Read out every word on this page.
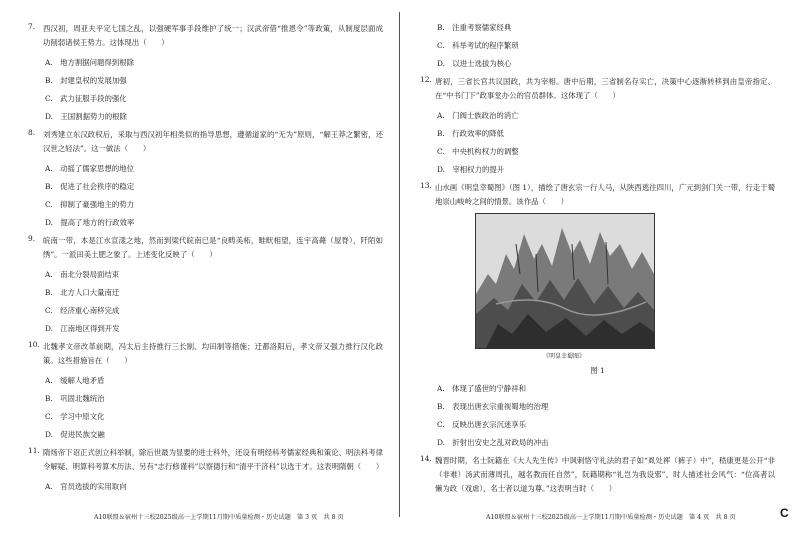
7.	西汉初，周亚夫平定七国之乱，以强硬军事手段维护了统一；汉武帝借“推恩令”等政策，从制度层面成功削弱诸侯王势力。这体现出（　　）
A.　地方割据问题得到根除
B.　封建皇权的发展加强
C.　武力征服手段的强化
D.　王国割据势力的根除
8.	刘秀建立东汉政权后，采取与西汉初年相类似的指导思想，遵循道家的“无为”原则，“解王莽之繁密，还汉世之轻法”。这一做法（　　）
A.　动摇了儒家思想的地位
B.　促进了社会秩序的稳定
C.　抑制了豪强地主的势力
D.　提高了地方的行政效率
9.	皖南一带，本是江水宣漾之地，然而到梁代皖南已是“良畴美柘，畦畎相望，连宇高薨（屋脊），阡陌如绣”。一派田美土肥之象了。上述变化反映了（　　）
A.　南北分裂局面结束
B.　北方人口大量南迁
C.　经济重心南移完成
D.　江南地区得到开发
10. 北魏孝文帝改革前期，冯太后主持推行三长制、均田制等措施；迁都洛阳后，孝文帝又强力推行汉化政策。这些措施旨在（　　）
A.　缓解人地矛盾
B.　巩固北魏统治
C.　学习中原文化
D.　促进民族交融
11. 隋炀帝下诏正式创立科举制，除后世最为显要的进士科外，还设有明经科考儒家经典和策论、明法科考律令解疑、明算科考算术历法、另有“志行修谨科”以察德行和“清平干济科”以选干才。这表明隋朝（　　）
A.　官员选拔的实用取向
B.　注重考察儒家经典
C.　科举考试的程序繁琐
D.　以进士选拔为核心
12. 唐初，三省长官共议国政，共为宰相。唐中后期，三省制名存实亡，决策中心逐渐转移到由皇帝指定、在“中书门下”政事堂办公的官员群体。这体现了（　　）
A.　门阀士族政治的消亡
B.　行政效率的降低
C.　中央机构权力的调整
D.　宰相权力的提升
13. 山水画《明皇幸蜀图》（图 1），描绘了唐玄宗一行人马，从陕西逃往四川，广元到剑门关一带，行走于蜀地崇山峻岭之间的情景。该作品（　　）
《明皇幸蜀图》
图 1
A.　体现了盛世的宁静祥和
B.　表现出唐玄宗重视蜀地的治理
C.　反映出唐玄宗沉迷享乐
D.　折射出安史之乱对政局的冲击
14. 魏晋时期，名士阮籍在《大人先生传》中讽刺恪守礼法的君子如“虱处裈（裤子）中”，嵇康更是公开“非（非难）汤武而薄周孔，越名教而任自然”，阮籍期称“礼岂为我设邪”。时人描述社会风气：“位高者以懒为政（戏虐），名士者以道为尊。”这表明当时（　　）
A10联盟＆宿州十三校2025级高一上学期11月期中质量检测・历史试题　第 3 页　共 8 页	A10联盟＆宿州十三校2025级高一上学期11月期中质量检测・历史试题　第 4 页　共 8 页	C
